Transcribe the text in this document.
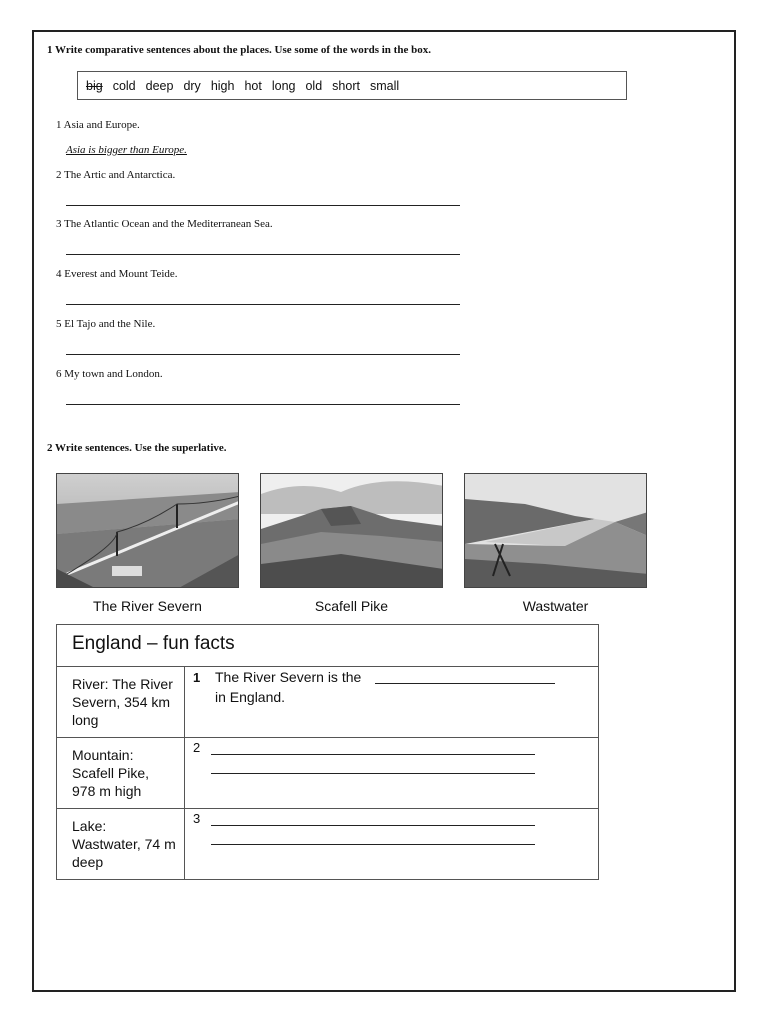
1 Write comparative sentences about the places. Use some of the words in the box.
big cold deep dry high hot long old short small
1 Asia and Europe.
Asia is bigger than Europe.
2 The Artic and Antarctica.
3 The Atlantic Ocean and the Mediterranean Sea.
4 Everest and Mount Teide.
5 El Tajo and the Nile.
6 My town and London.
2 Write sentences. Use the superlative.
The River Severn	Scafell Pike	Wastwater
England – fun facts	
River: The River Severn, 354 km long	1 The River Severn is the
in England.

Mountain: Scafell Pike, 978 m high	2

Lake: Wastwater, 74 m deep	3
